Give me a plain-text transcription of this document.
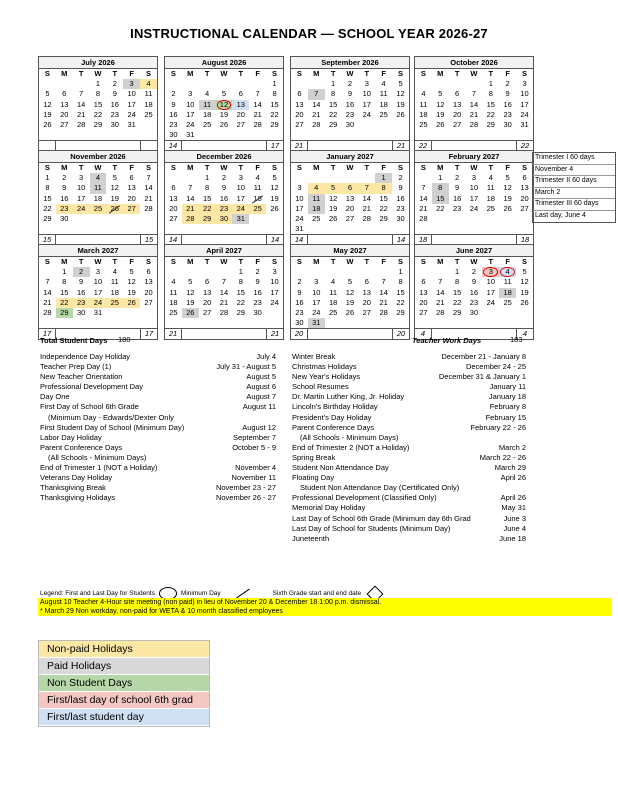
INSTRUCTIONAL CALENDAR — SCHOOL YEAR 2026-27
July 2026
S	M	T	W	T	F	S
			1	2	3	4
5	6	7	8	9	10	11
12	13	14	15	16	17	18
19	20	21	22	23	24	25
26	27	28	29	30	31	

August 2026
S	M	T	W	T	F	S
						1
2	3	4	5	6	7	8
9	10	11	12	13	14	15
16	17	18	19	20	21	22
23	24	25	26	27	28	29
30	31					
14	17
September 2026
S	M	T	W	T	F	S
		1	2	3	4	5
6	7	8	9	10	11	12
13	14	15	16	17	18	19
20	21	22	23	24	25	26
27	28	29	30			

21	21
October 2026
S	M	T	W	T	F	S
				1	2	3
4	5	6	7	8	9	10
11	12	13	14	15	16	17
18	19	20	21	22	23	24
25	26	27	28	29	30	31

22	22
November 2026
S	M	T	W	T	F	S
1	2	3	4	5	6	7
8	9	10	11	12	13	14
15	16	17	18	19	20	21
22	23	24	25	26	27	28
29	30					

15	15
December 2026
S	M	T	W	T	F	S
		1	2	3	4	5
6	7	8	9	10	11	12
13	14	15	16	17	18	19
20	21	22	23	24	25	26
27	28	29	30	31		

14	14
January 2027
S	M	T	W	T	F	S
					1	2
3	4	5	6	7	8	9
10	11	12	13	14	15	16
17	18	19	20	21	22	23
24	25	26	27	28	29	30
31						
14	14
February 2027
S	M	T	W	T	F	S
	1	2	3	4	5	6
7	8	9	10	11	12	13
14	15	16	17	18	19	20
21	22	23	24	25	26	27
28						

18	18
March 2027
S	M	T	W	T	F	S
	1	2	3	4	5	6
7	8	9	10	11	12	13
14	15	16	17	18	19	20
21	22	23	24	25	26	27
28	29	30	31			

17	17
April 2027
S	M	T	W	T	F	S
				1	2	3
4	5	6	7	8	9	10
11	12	13	14	15	16	17
18	19	20	21	22	23	24
25	26	27	28	29	30	

21	21
May 2027
S	M	T	W	T	F	S
						1
2	3	4	5	6	7	8
9	10	11	12	13	14	15
16	17	18	19	20	21	22
23	24	25	26	27	28	29
30	31					
20	20
June 2027
S	M	T	W	T	F	S
		1	2	3	4	5
6	7	8	9	10	11	12
13	14	15	16	17	18	19
20	21	22	23	24	25	26
27	28	29	30			

4	4
Trimester I 60 days
November 4
Trimester II 60 days
March 2
Trimester III 60 days
Last day, June 4
Total Student Days 180	Teacher Work Days	183
Independence Day Holiday	July 4
Teacher Prep Day (1)	July 31 - August 5
New Teacher Orientation	August 5
Professional Development Day	August 6
Day One	August 7
First Day of School 6th Grade	August 11
(Minimum Day - Edwards/Dexter Only
First Student Day of School (Minimum Day)	August 12
Labor Day Holiday	September 7
Parent Conference Days	October 5 - 9
(All Schools - Minimum Days)
End of Trimester 1 (NOT a Holiday)	November 4
Veterans Day Holiday	November 11
Thanksgiving Break	November 23 - 27
Thanksgiving Holidays	November 26 - 27
Winter Break	December 21 - January 8
Christmas Holidays	December 24 - 25
New Year's Holidays	December 31 & January 1
School Resumes	January 11
Dr. Martin Luther King, Jr. Holiday	January 18
Lincoln's Birthday Holiday	February 8
President's Day Holiday	February 15
Parent Conference Days	February 22 - 26
(All Schools - Minimum Days)
End of Trimester 2 (NOT a Holiday)	March 2
Spring Break	March 22 - 26
Student Non Attendance Day	March 29
Floating Day	April 26
Student Non Attendance Day (Certificated Only)
Professional Development (Classified Only)	April 26
Memorial Day Holiday	May 31
Last Day of School 6th Grade (Minimum day 6th Grad	June 3
Last Day of School for Students (Minimum Day)	June 4
Juneteenth	June 18
Legend: First and Last Day for Students	Minimum Day	Sixth Grade start and end date
August 10 Teacher 4-Hour site meeting (non paid) in lieu of November 20 & December 18 1:00 p.m. dismissal.
* March 29 Non workday, non-paid for WETA & 10 month classified employees
Non-paid Holidays
Paid Holidays
Non Student Days
First/last day of school 6th grad
First/last student day
